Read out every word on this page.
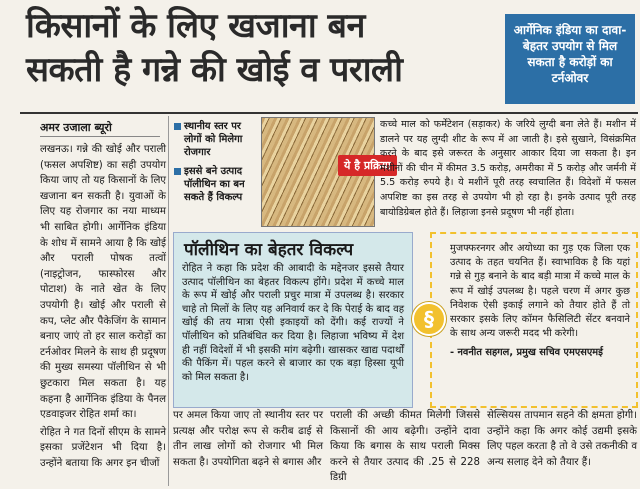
किसानों के लिए खजाना बन
सकती है गन्ने की खोई व पराली
आर्गेनिक इंडिया का दावा- बेहतर उपयोग से मिल सकता है करोड़ों का टर्नओवर
अमर उजाला ब्यूरो

लखनऊ। गन्ने की खोई और पराली (फसल अपशिष्ट) का सही उपयोग किया जाए तो यह किसानों के लिए खजाना बन सकती है। युवाओं के लिए यह रोजगार का नया माध्यम भी साबित होगी। आर्गेनिक इंडिया के शोध में सामने आया है कि खोई और पराली पोषक तत्वों (नाइट्रोजन, फास्फोरस और पोटाश) के नाते खेत के लिए उपयोगी है। खोई और पराली से कप, प्लेट और पैकेजिंग के सामान बनाए जाएं तो हर साल करोड़ों का टर्नओवर मिलने के साथ ही प्रदूषण की मुख्य समस्या पॉलीथिन से भी छुटकारा मिल सकता है। यह कहना है आर्गेनिक इंडिया के पैनल एडवाइजर रोहित शर्मा का।

रोहित ने गत दिनों सीएम के सामने इसका प्रजेंटेशन भी दिया है। उन्होंने बताया कि अगर इन चीजों

स्थानीय स्तर पर लोगों को मिलेगा रोजगार
इससे बने उत्पाद पॉलीथिन का बन सकते हैं विकल्प
ये है प्रक्रिया
कच्चे माल को फर्मेंटेशन (सड़ाकर) के जरिये लुग्दी बना लेते हैं। मशीन में डालने पर यह लुग्दी शीट के रूप में आ जाती है। इसे सुखाने, विसंक्रमित करने के बाद इसे जरूरत के अनुसार आकार दिया जा सकता है। इन मशीनों की चीन में कीमत 3.5 करोड़, अमरीका में 5 करोड़ और जर्मनी में 5.5 करोड़ रुपये है। ये मशीनें पूरी तरह स्वचालित हैं। विदेशों में फसल अपशिष्ट का इस तरह से उपयोग भी हो रहा है। इनके उत्पाद पूरी तरह बायोडिग्रेबल होते हैं। लिहाजा इनसे प्रदूषण भी नहीं होता।
पॉलीथिन का बेहतर विकल्प
रोहित ने कहा कि प्रदेश की आबादी के मद्देनजर इससे तैयार उत्पाद पॉलीथिन का बेहतर विकल्प होंगे। प्रदेश में कच्चे माल के रूप में खोई और पराली प्रचुर मात्रा में उपलब्ध है। सरकार चाहे तो मिलों के लिए यह अनिवार्य कर दे कि पेराई के बाद वह खोई की तय मात्रा ऐसी इकाइयों को देंगी। कई राज्यों ने पॉलीथिन को प्रतिबंधित कर दिया है। लिहाजा भविष्य में देश ही नहीं विदेशों में भी इसकी मांग बढ़ेगी। खासकर खाद्य पदार्थों की पैकिंग में। पहल करने से बाजार का एक बड़ा हिस्सा यूपी को मिल सकता है।
मुजफ्फरनगर और अयोध्या का गुड़ एक जिला एक उत्पाद के तहत चयनित हैं। स्वाभाविक है कि यहां गन्ने से गुड़ बनाने के बाद बड़ी मात्रा में कच्चे माल के रूप में खोई उपलब्ध है। पहले चरण में अगर कुछ निवेशक ऐसी इकाई लगाने को तैयार होते हैं तो सरकार इसके लिए कॉमन फैसिलिटी सेंटर बनवाने के साथ अन्य जरूरी मदद भी करेगी।
- नवनीत सहगल, प्रमुख सचिव एमएसएमई
§
पर अमल किया जाए तो स्थानीय स्तर पर प्रत्यक्ष और परोक्ष रूप से करीब ढाई से तीन लाख लोगों को रोजगार भी मिल सकता है। उपयोगिता बढ़ने से बगास और
पराली की अच्छी कीमत मिलेगी जिससे किसानों की आय बढ़ेगी। उन्होंने दावा किया कि बगास के साथ पराली मिक्स करने से तैयार उत्पाद की .25 से 228 डिग्री
सेल्सियस तापमान सहने की क्षमता होगी। उन्होंने कहा कि अगर कोई उद्यमी इसके लिए पहल करता है तो वे उसे तकनीकी व अन्य सलाह देने को तैयार हैं।
